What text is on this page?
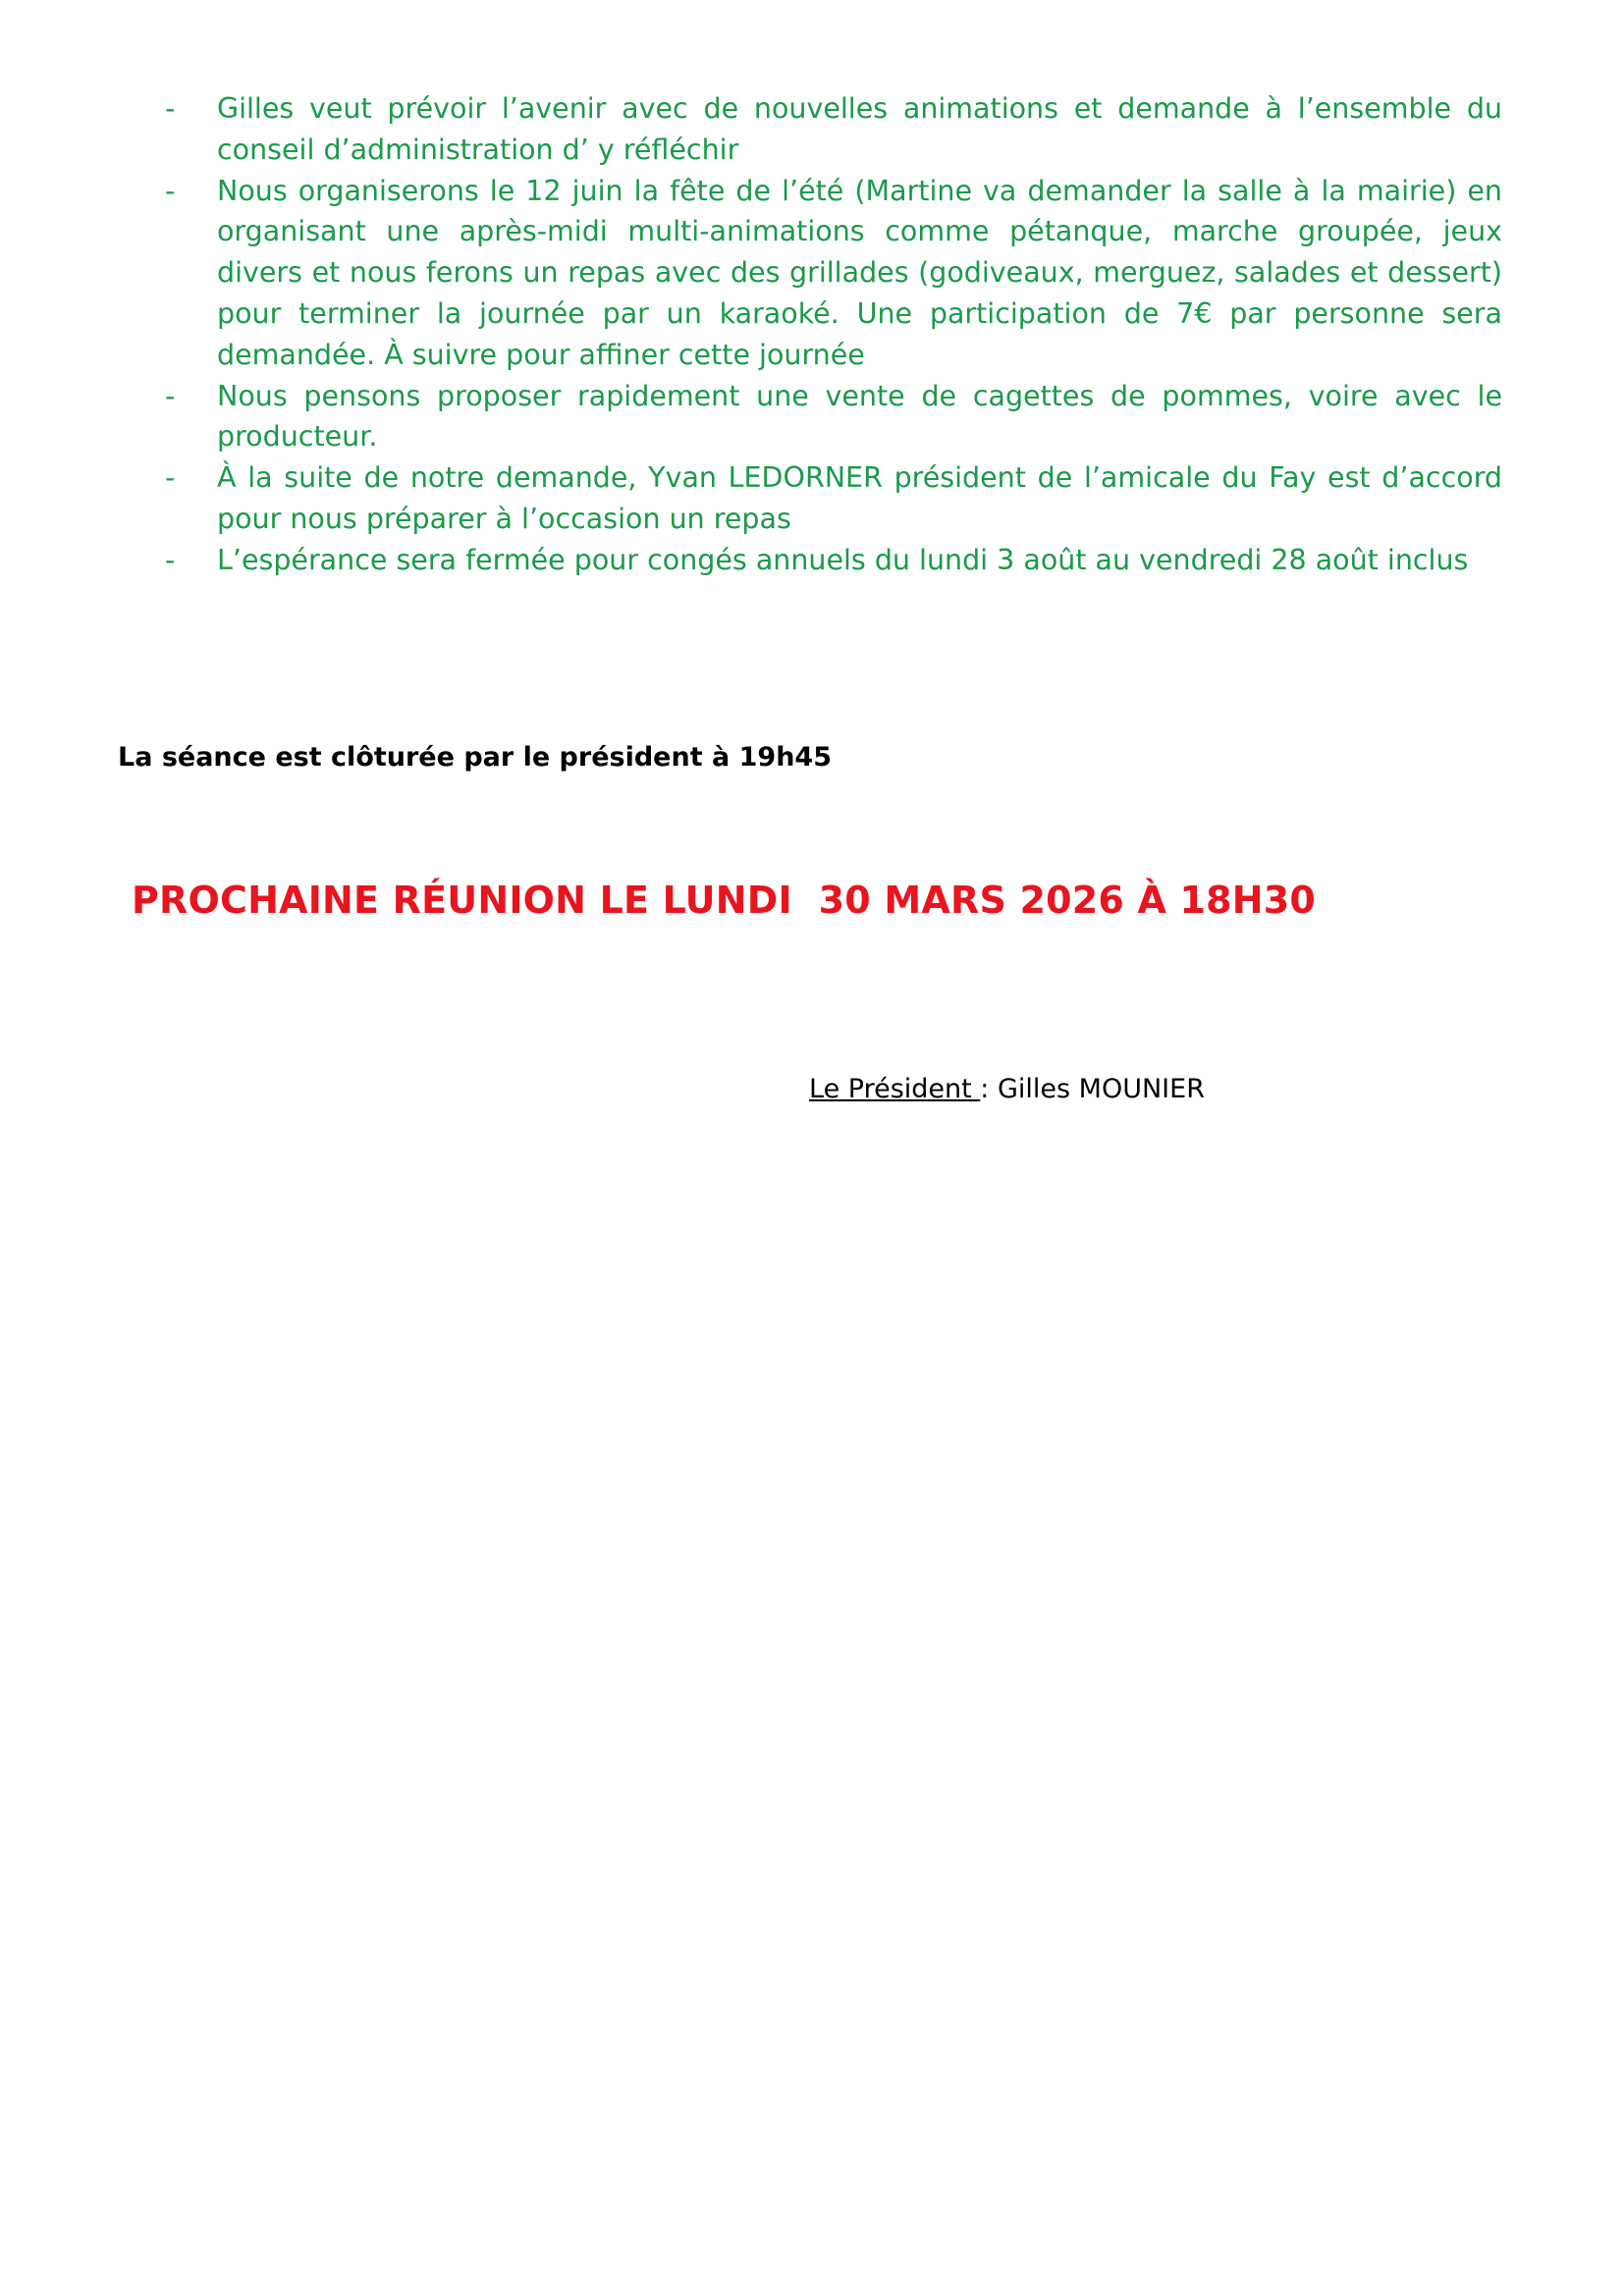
-	Gilles veut prévoir l’avenir avec de nouvelles animations et demande à l’ensemble du conseil d’administration d’ y réfléchir
-	Nous organiserons le 12 juin la fête de l’été (Martine va demander la salle à la mairie) en organisant une après-midi multi-animations comme pétanque, marche groupée, jeux divers et nous ferons un repas avec des grillades (godiveaux, merguez, salades et dessert) pour terminer la journée par un karaoké. Une participation de 7€ par personne sera demandée. À suivre pour affiner cette journée
-	Nous pensons proposer rapidement une vente de cagettes de pommes, voire avec le producteur.
-	À la suite de notre demande, Yvan LEDORNER président de l’amicale du Fay est d’accord pour nous préparer à l’occasion un repas
-	L’espérance sera fermée pour congés annuels du lundi 3 août au vendredi 28 août inclus

La séance est clôturée par le président à 19h45

PROCHAINE RÉUNION LE LUNDI  30 MARS 2026 À 18H30

Le Président : Gilles MOUNIER
